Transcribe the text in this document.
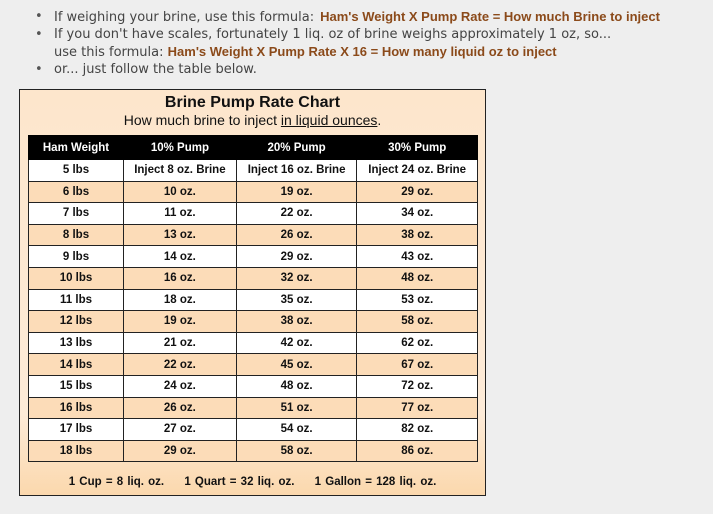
• If weighing your brine, use this formula: Ham's Weight X Pump Rate = How much Brine to inject
• If you don't have scales, fortunately 1 liq. oz of brine weighs approximately 1 oz, so...
use this formula: Ham's Weight X Pump Rate X 16 = How many liquid oz to inject
• or... just follow the table below.
Brine Pump Rate Chart
How much brine to inject in liquid ounces.
Ham Weight	10% Pump	20% Pump	30% Pump
5 lbs	Inject 8 oz. Brine	Inject 16 oz. Brine	Inject 24 oz. Brine
6 lbs	10 oz.	19 oz.	29 oz.
7 lbs	11 oz.	22 oz.	34 oz.
8 lbs	13 oz.	26 oz.	38 oz.
9 lbs	14 oz.	29 oz.	43 oz.
10 lbs	16 oz.	32 oz.	48 oz.
11 lbs	18 oz.	35 oz.	53 oz.
12 lbs	19 oz.	38 oz.	58 oz.
13 lbs	21 oz.	42 oz.	62 oz.
14 lbs	22 oz.	45 oz.	67 oz.
15 lbs	24 oz.	48 oz.	72 oz.
16 lbs	26 oz.	51 oz.	77 oz.
17 lbs	27 oz.	54 oz.	82 oz.
18 lbs	29 oz.	58 oz.	86 oz.
1 Cup = 8 liq. oz. 1 Quart = 32 liq. oz. 1 Gallon = 128 liq. oz.
